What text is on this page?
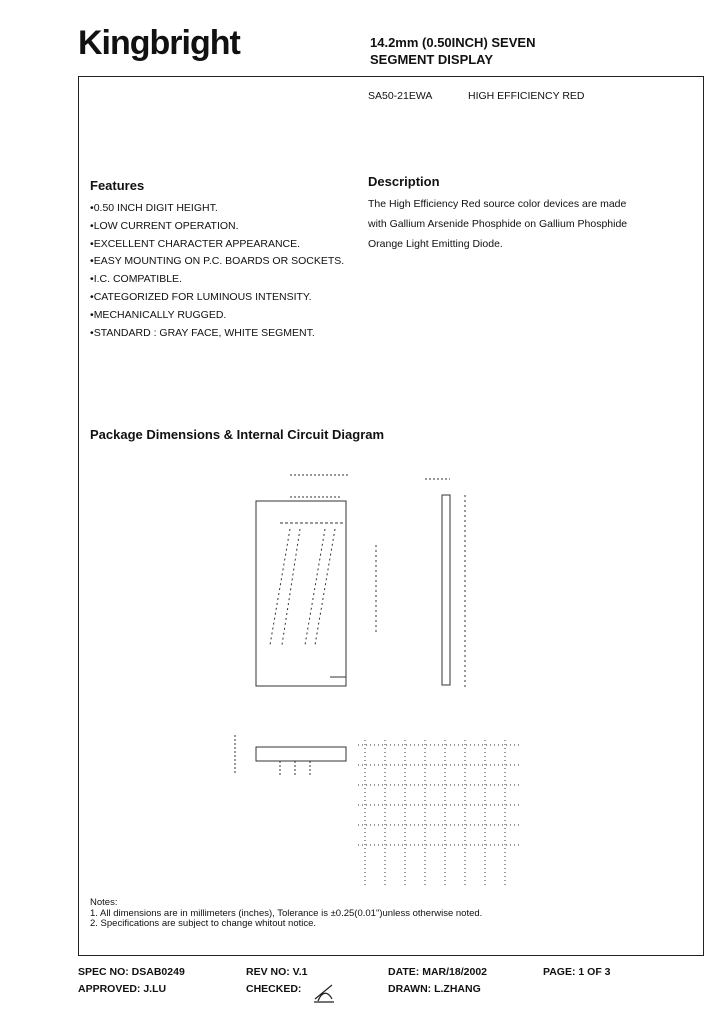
Kingbright	14.2mm (0.50INCH) SEVEN
SEGMENT DISPLAY
SA50-21EWA	HIGH EFFICIENCY RED
Features
• 0.50 INCH DIGIT HEIGHT.
• LOW CURRENT OPERATION.
• EXCELLENT CHARACTER APPEARANCE.
• EASY MOUNTING ON P.C. BOARDS OR SOCKETS.
• I.C. COMPATIBLE.
• CATEGORIZED FOR LUMINOUS INTENSITY.
• MECHANICALLY RUGGED.
• STANDARD : GRAY FACE, WHITE SEGMENT.
Description
The High Efficiency Red source color devices are made
with Gallium Arsenide Phosphide on Gallium Phosphide
Orange Light Emitting Diode.
Package Dimensions & Internal Circuit Diagram
Notes:
1. All dimensions are in millimeters (inches), Tolerance is ±0.25(0.01")unless otherwise noted.
2. Specifications are subject to change whitout notice.
SPEC NO: DSAB0249	REV NO: V.1	DATE: MAR/18/2002	PAGE: 1 OF 3
APPROVED: J.LU	CHECKED:	DRAWN: L.ZHANG
